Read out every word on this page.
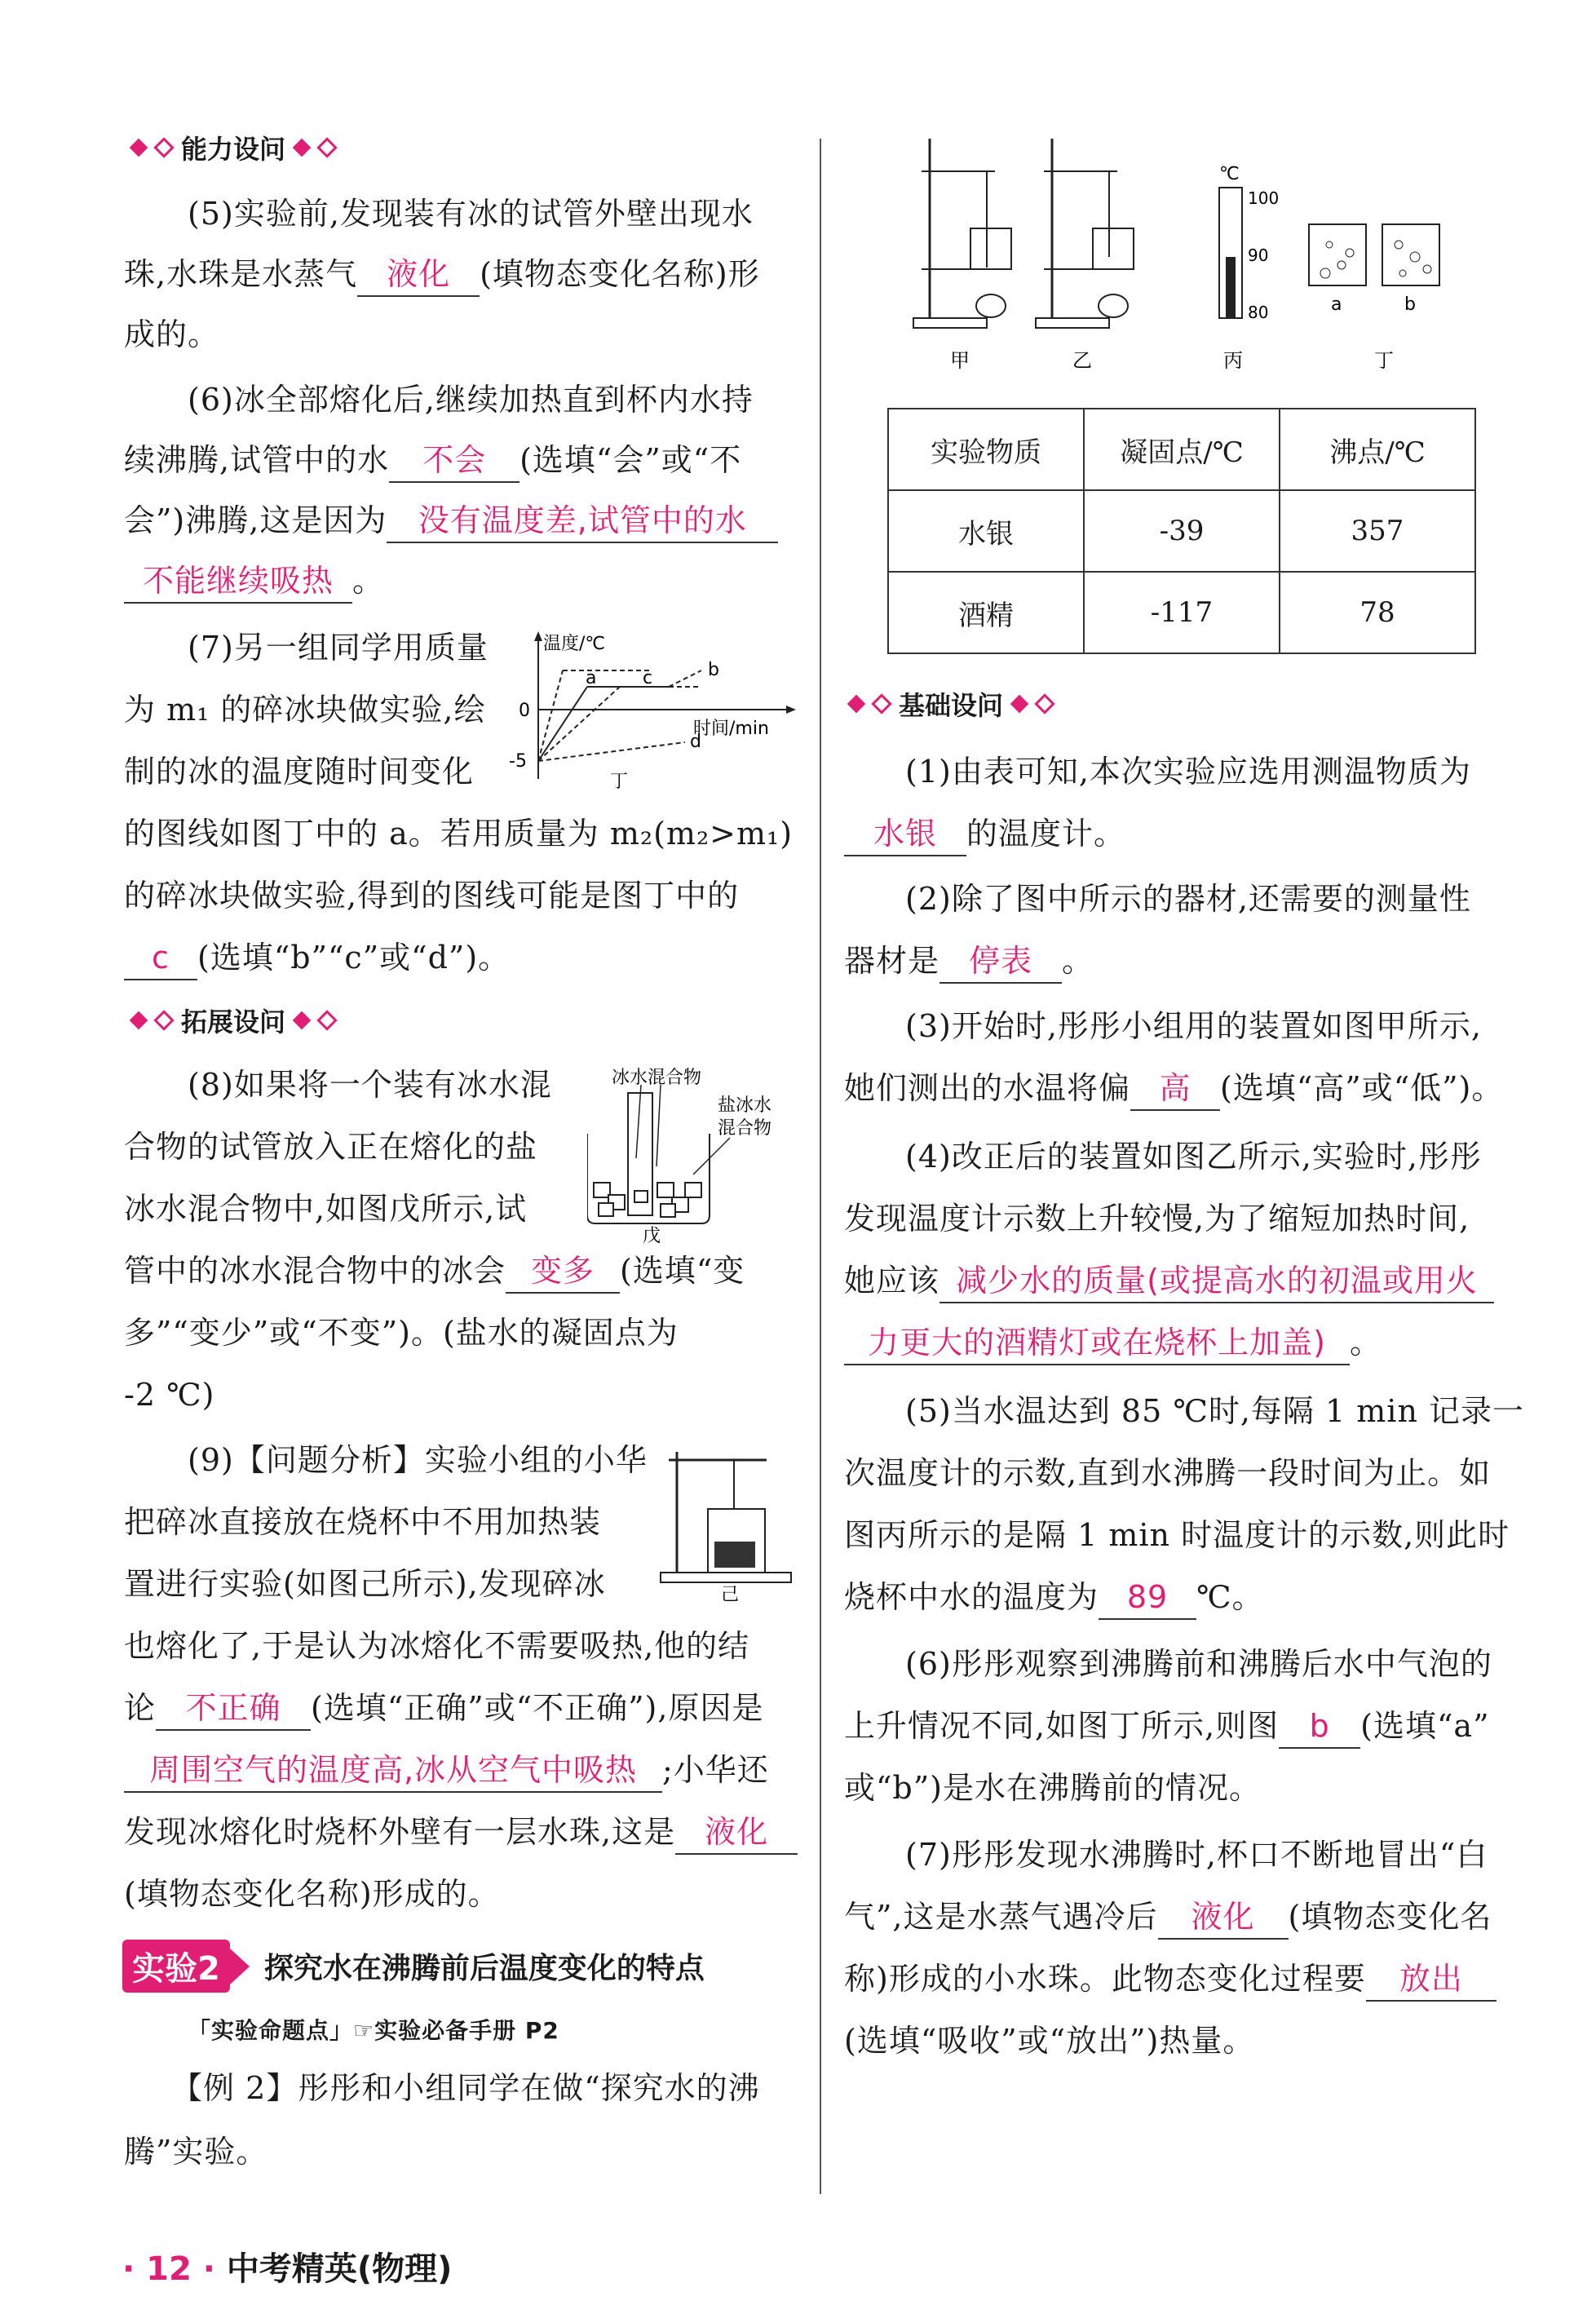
能力设问
(5)实验前,发现装有冰的试管外壁出现水
珠,水珠是水蒸气 液化 (填物态变化名称)形
成的。
(6)冰全部熔化后,继续加热直到杯内水持
续沸腾,试管中的水 不会 (选填“会”或“不
会”)沸腾,这是因为 没有温度差,试管中的水
不能继续吸热 。
(7)另一组同学用质量
为 m₁ 的碎冰块做实验,绘
制的冰的温度随时间变化
的图线如图丁中的 a。若用质量为 m₂(m₂>m₁)
的碎冰块做实验,得到的图线可能是图丁中的
c (选填“b”“c”或“d”)。
温度/℃
时间/min
0
-5
a	b
c
d
丁
拓展设问
(8)如果将一个装有冰水混
合物的试管放入正在熔化的盐
冰水混合物中,如图戊所示,试
管中的冰水混合物中的冰会 变多 (选填“变
多”“变少”或“不变”)。(盐水的凝固点为
-2 ℃)
冰水混合物
盐冰水
混合物
戊
(9)【问题分析】实验小组的小华
把碎冰直接放在烧杯中不用加热装
置进行实验(如图己所示),发现碎冰
也熔化了,于是认为冰熔化不需要吸热,他的结
论 不正确 (选填“正确”或“不正确”),原因是
周围空气的温度高,冰从空气中吸热 ;小华还
发现冰熔化时烧杯外壁有一层水珠,这是 液化
(填物态变化名称)形成的。
己
实验2	探究水在沸腾前后温度变化的特点
「实验命题点」☞实验必备手册 P2
【例 2】彤彤和小组同学在做“探究水的沸
腾”实验。
甲	乙
℃
100
90
80
丙
a	b
丁
实验物质	凝固点/℃	沸点/℃
水银	-39	357
酒精	-117	78
基础设问
(1)由表可知,本次实验应选用测温物质为
水银 的温度计。
(2)除了图中所示的器材,还需要的测量性
器材是 停表 。
(3)开始时,彤彤小组用的装置如图甲所示,
她们测出的水温将偏 高 (选填“高”或“低”)。
(4)改正后的装置如图乙所示,实验时,彤彤
发现温度计示数上升较慢,为了缩短加热时间,
她应该 减少水的质量(或提高水的初温或用火
力更大的酒精灯或在烧杯上加盖) 。
(5)当水温达到 85 ℃时,每隔 1 min 记录一
次温度计的示数,直到水沸腾一段时间为止。如
图丙所示的是隔 1 min 时温度计的示数,则此时
烧杯中水的温度为 89 ℃。
(6)彤彤观察到沸腾前和沸腾后水中气泡的
上升情况不同,如图丁所示,则图 b (选填“a”
或“b”)是水在沸腾前的情况。
(7)彤彤发现水沸腾时,杯口不断地冒出“白
气”,这是水蒸气遇冷后 液化 (填物态变化名
称)形成的小水珠。此物态变化过程要 放出
(选填“吸收”或“放出”)热量。
· 12 · 中考精英(物理)
